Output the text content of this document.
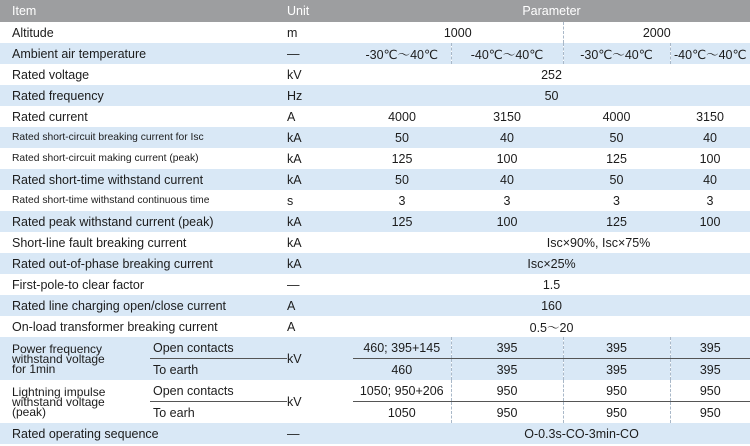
Item		Unit	Parameter			
Altitude		m	1000		2000	
Ambient air temperature		—	-30℃～40℃	-40℃～40℃	-30℃～40℃	-40℃～40℃
Rated voltage		kV	252			
Rated frequency		Hz	50			
Rated current		A	4000	3150	4000	3150
Rated short-circuit breaking current for Isc		kA	50	40	50	40
Rated short-circuit making current (peak)		kA	125	100	125	100
Rated short-time withstand current		kA	50	40	50	40
Rated short-time withstand continuous time		s	3	3	3	3
Rated peak withstand current (peak)		kA	125	100	125	100
Short-line fault breaking current		kA	Isc×90%, Isc×75%			
Rated out-of-phase breaking current		kA	Isc×25%			
First-pole-to clear factor		—	1.5			
Rated line charging open/close current		A	160			
On-load transformer breaking current		A	0.5～20			
Power frequency
withstand voltage
for 1min	Open contacts	kV	460; 395+145	395	395	395
	To earth		460	395	395	395
Lightning impulse
withstand voltage
(peak)	Open contacts	kV	1050; 950+206	950	950	950
	To earh		1050	950	950	950
Rated operating sequence		—	O-0.3s-CO-3min-CO			
